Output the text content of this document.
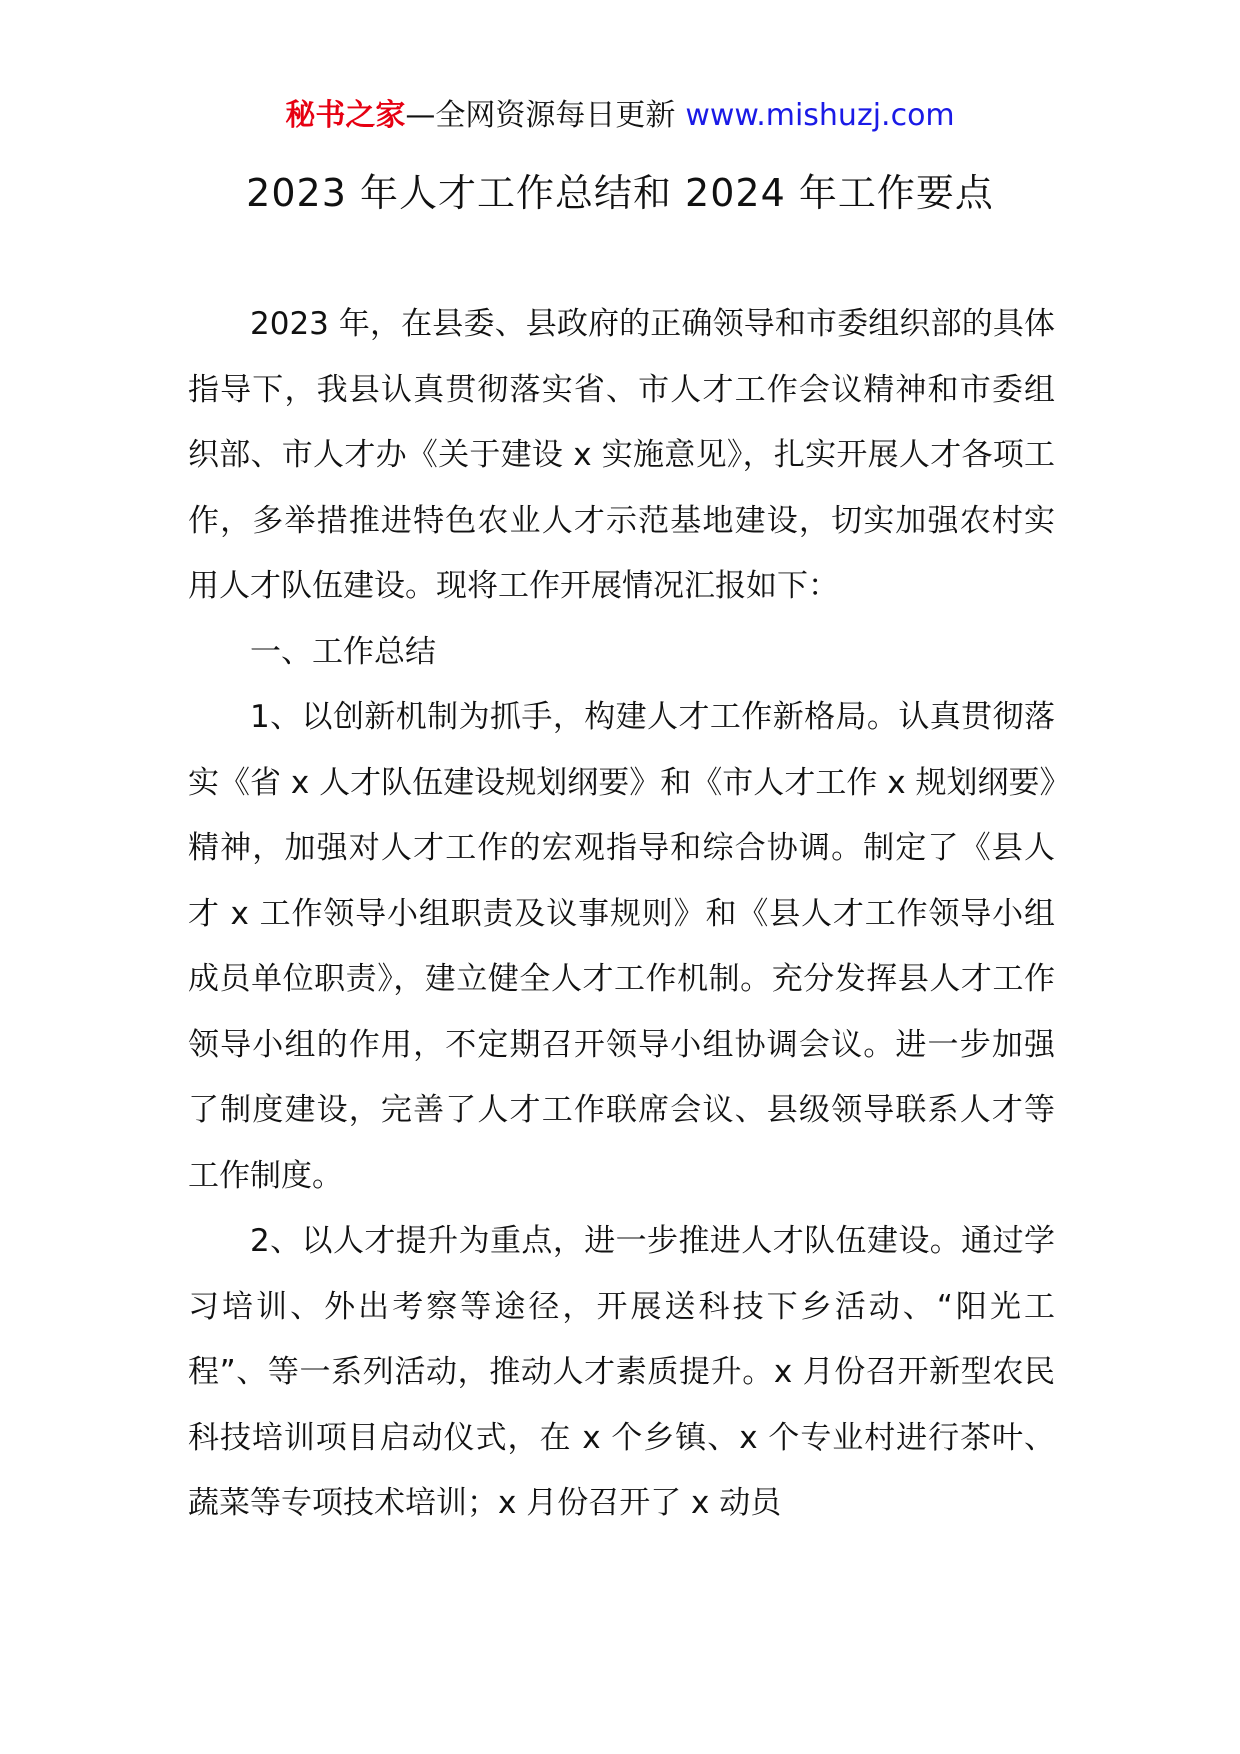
秘书之家—全网资源每日更新 www.mishuzj.com
2023 年人才工作总结和 2024 年工作要点

2023 年，在县委、县政府的正确领导和市委组织部的具体指导下，我县认真贯彻落实省、市人才工作会议精神和市委组织部、市人才办《关于建设 x 实施意见》，扎实开展人才各项工作，多举措推进特色农业人才示范基地建设，切实加强农村实用人才队伍建设。现将工作开展情况汇报如下：

一、工作总结

1、以创新机制为抓手，构建人才工作新格局。认真贯彻落实《省 x 人才队伍建设规划纲要》和《市人才工作 x 规划纲要》精神，加强对人才工作的宏观指导和综合协调。制定了《县人才 x 工作领导小组职责及议事规则》和《县人才工作领导小组成员单位职责》，建立健全人才工作机制。充分发挥县人才工作领导小组的作用，不定期召开领导小组协调会议。进一步加强了制度建设，完善了人才工作联席会议、县级领导联系人才等工作制度。

2、以人才提升为重点，进一步推进人才队伍建设。通过学习培训、外出考察等途径，开展送科技下乡活动、“阳光工程”、等一系列活动，推动人才素质提升。x 月份召开新型农民科技培训项目启动仪式，在 x 个乡镇、x 个专业村进行茶叶、蔬菜等专项技术培训；x 月份召开了 x 动员
